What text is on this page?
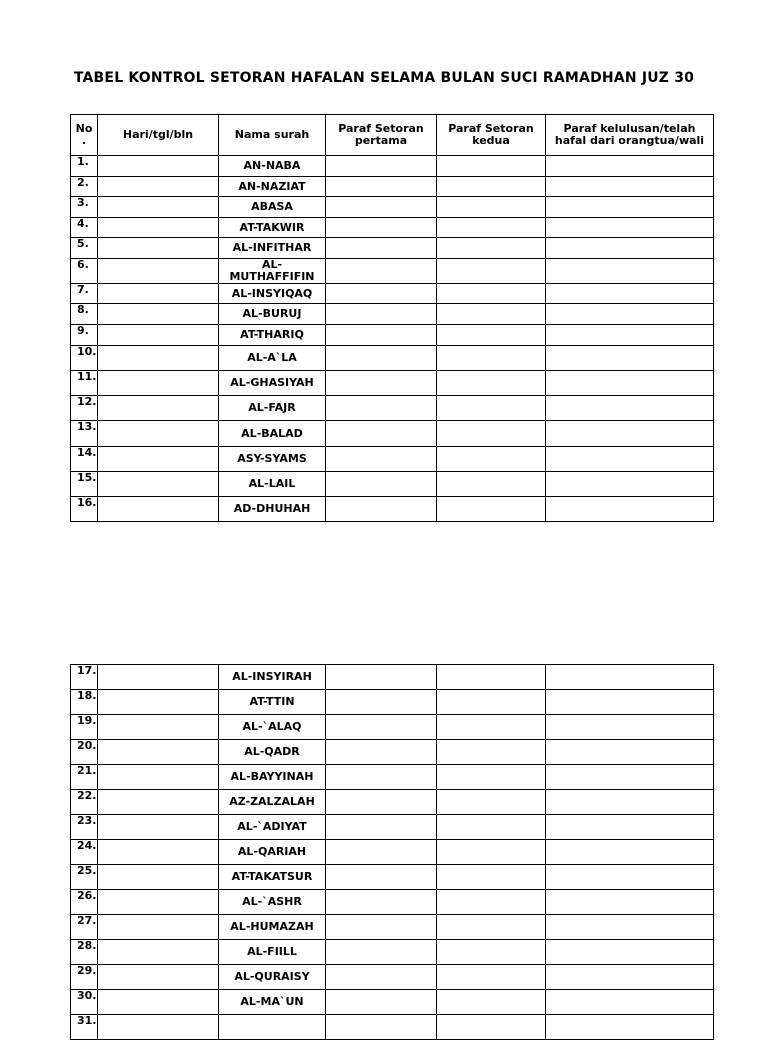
TABEL KONTROL SETORAN HAFALAN SELAMA BULAN SUCI RAMADHAN JUZ 30
No .	Hari/tgl/bln	Nama surah	Paraf Setoran pertama	Paraf Setoran kedua	Paraf kelulusan/telah hafal dari orangtua/wali
1.		AN-NABA			
2.		AN-NAZIAT			
3.		ABASA			
4.		AT-TAKWIR			
5.		AL-INFITHAR			
6.		AL-MUTHAFFIFIN			
7.		AL-INSYIQAQ			
8.		AL-BURUJ			
9.		AT-THARIQ			
10.		AL-A`LA			
11.		AL-GHASIYAH			
12.		AL-FAJR			
13.		AL-BALAD			
14.		ASY-SYAMS			
15.		AL-LAIL			
16.		AD-DHUHAH			
17.		AL-INSYIRAH			
18.		AT-TTIN			
19.		AL-`ALAQ			
20.		AL-QADR			
21.		AL-BAYYINAH			
22.		AZ-ZALZALAH			
23.		AL-`ADIYAT			
24.		AL-QARIAH			
25.		AT-TAKATSUR			
26.		AL-`ASHR			
27.		AL-HUMAZAH			
28.		AL-FIILL			
29.		AL-QURAISY			
30.		AL-MA`UN			
31.					
